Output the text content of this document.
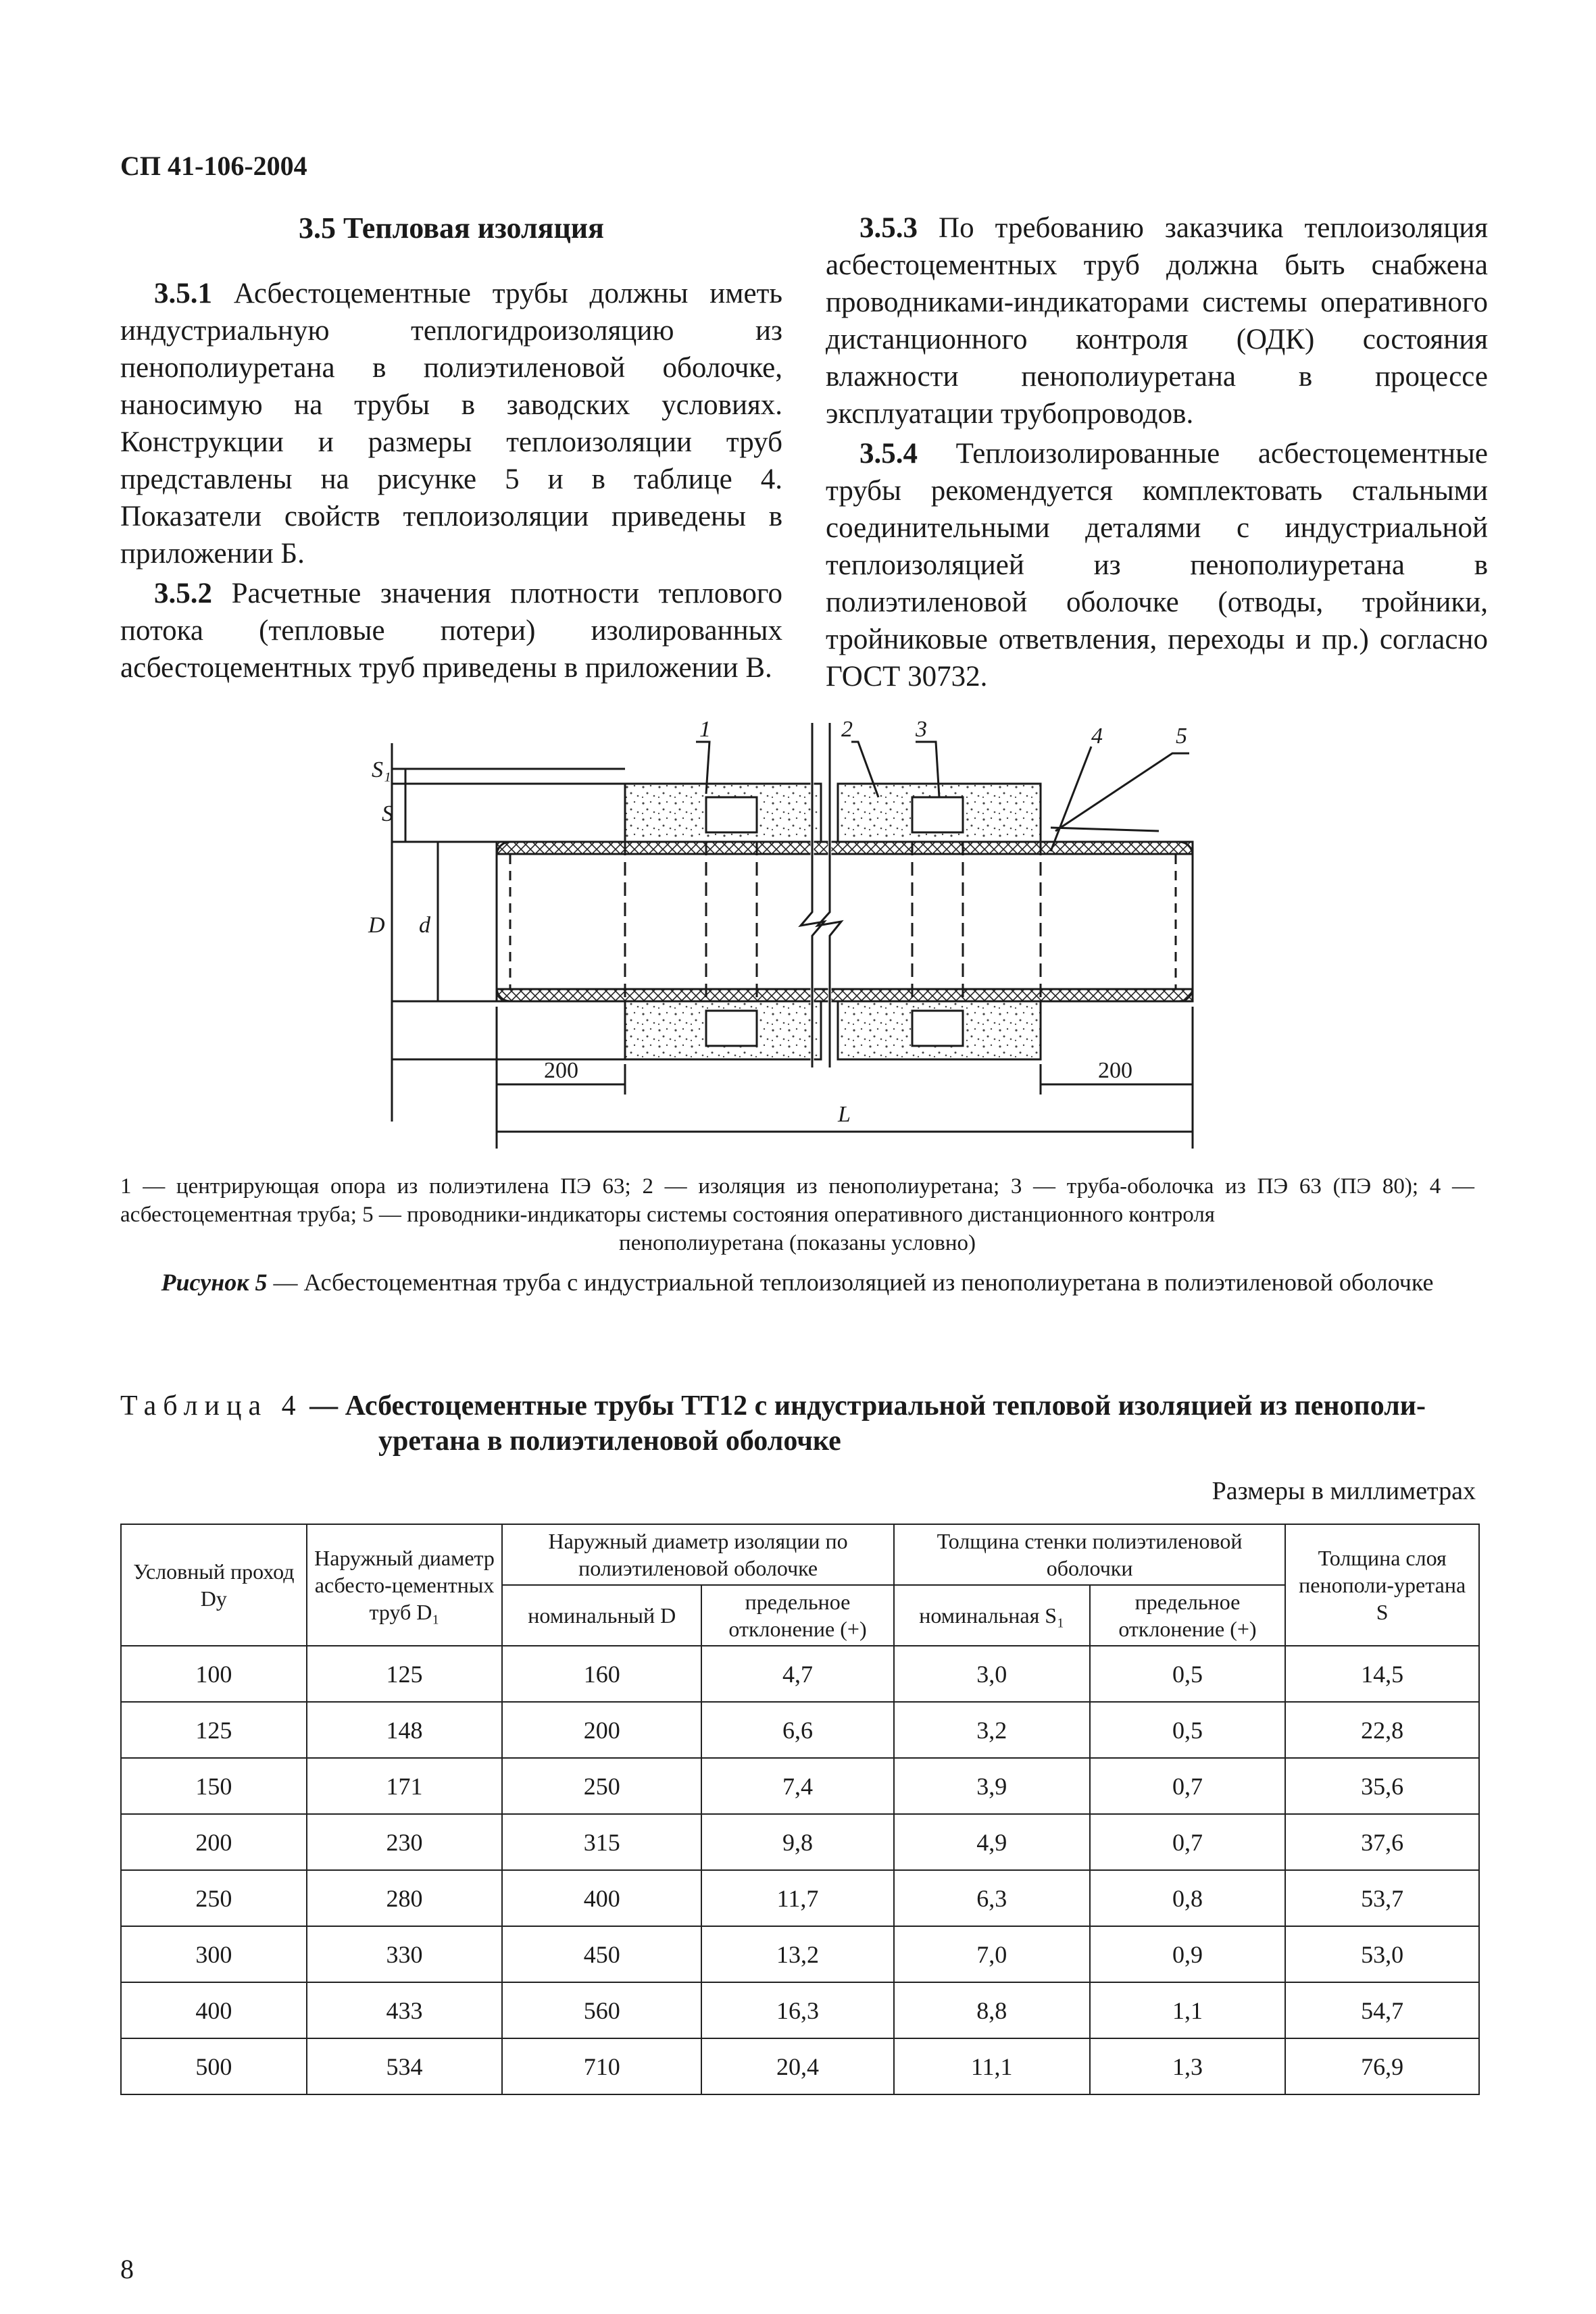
СП 41-106-2004
3.5 Тепловая изоляция

3.5.1 Асбестоцементные трубы должны иметь индустриальную теплогидроизоляцию из пенополиуретана в полиэтиленовой оболочке, наносимую на трубы в заводских условиях. Конструкции и размеры теплоизоляции труб представлены на рисунке 5 и в таблице 4. Показатели свойств теплоизоляции приведены в приложении Б.

3.5.2 Расчетные значения плотности теплового потока (тепловые потери) изолированных асбестоцементных труб приведены в приложении В.

3.5.3 По требованию заказчика теплоизоляция асбестоцементных труб должна быть снабжена проводниками-индикаторами системы оперативного дистанционного контроля (ОДК) состояния влажности пенополиуретана в процессе эксплуатации трубопроводов.

3.5.4 Теплоизолированные асбестоцементные трубы рекомендуется комплектовать стальными соединительными деталями с индустриальной теплоизоляцией из пенополиуретана в полиэтиленовой оболочке (отводы, тройники, тройниковые ответвления, переходы и пр.) согласно ГОСТ 30732.

1	2	3	4	5
S₁
S
D d
200	200
L
1 — центрирующая опора из полиэтилена ПЭ 63; 2 — изоляция из пенополиуретана; 3 — труба-оболочка из ПЭ 63 (ПЭ 80); 4 — асбестоцементная труба; 5 — проводники-индикаторы системы состояния оперативного дистанционного контроля
пенополиуретана (показаны условно)
Рисунок 5 — Асбестоцементная труба с индустриальной теплоизоляцией из пенополиуретана в полиэтиленовой оболочке
Таблица 4 — Асбестоцементные трубы ТТ12 с индустриальной тепловой изоляцией из пенополи-
уретана в полиэтиленовой оболочке
Размеры в миллиметрах
Условный проход Dу	Наружный диаметр асбесто-цементных труб D₁	Наружный диаметр изоляции по полиэтиленовой оболочке		Толщина стенки полиэтиленовой оболочки		Толщина слоя пенополи-уретана S
		номинальный D	предельное отклонение (+)	номинальная S₁	предельное отклонение (+)	
100	125	160	4,7	3,0	0,5	14,5
125	148	200	6,6	3,2	0,5	22,8
150	171	250	7,4	3,9	0,7	35,6
200	230	315	9,8	4,9	0,7	37,6
250	280	400	11,7	6,3	0,8	53,7
300	330	450	13,2	7,0	0,9	53,0
400	433	560	16,3	8,8	1,1	54,7
500	534	710	20,4	11,1	1,3	76,9
8
